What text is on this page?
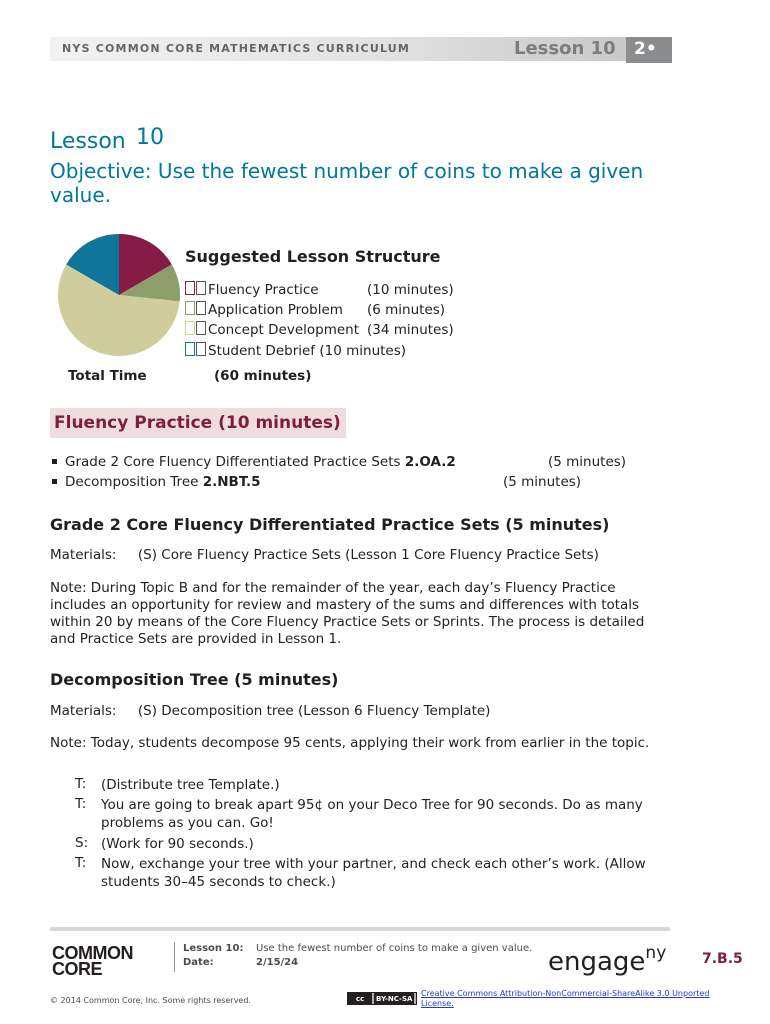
NYS COMMON CORE MATHEMATICS CURRICULUM	Lesson 10	2•
Lesson 10
Objective: Use the fewest number of coins to make a given value.
Suggested Lesson Structure
Fluency Practice	(10 minutes)
Application Problem (6 minutes)
Concept Development (34 minutes)
Student Debrief (10 minutes)
Total Time	(60 minutes)
Fluency Practice (10 minutes)
Grade 2 Core Fluency Differentiated Practice Sets 2.OA.2	(5 minutes)
Decomposition Tree 2.NBT.5	(5 minutes)
Grade 2 Core Fluency Differentiated Practice Sets (5 minutes)
Materials:     (S) Core Fluency Practice Sets (Lesson 1 Core Fluency Practice Sets)
Note: During Topic B and for the remainder of the year, each day’s Fluency Practice includes an opportunity for review and mastery of the sums and differences with totals within 20 by means of the Core Fluency Practice Sets or Sprints. The process is detailed and Practice Sets are provided in Lesson 1.
Decomposition Tree (5 minutes)
Materials:     (S) Decomposition tree (Lesson 6 Fluency Template)
Note: Today, students decompose 95 cents, applying their work from earlier in the topic.
T: (Distribute tree Template.)
T: You are going to break apart 95¢ on your Deco Tree for 90 seconds. Do as many problems as you can. Go!
S: (Work for 90 seconds.)
T: Now, exchange your tree with your partner, and check each other’s work. (Allow students 30–45 seconds to check.)
COMMON
CORE
Lesson 10: Use the fewest number of coins to make a given value.
Date:	2/15/24	engage$^{ny}$	7.B.5
© 2014 Common Core, Inc. Some rights reserved.	cc	BY-NC-SA
Creative Commons Attribution-NonCommercial-ShareAlike 3.0 Unported License.
